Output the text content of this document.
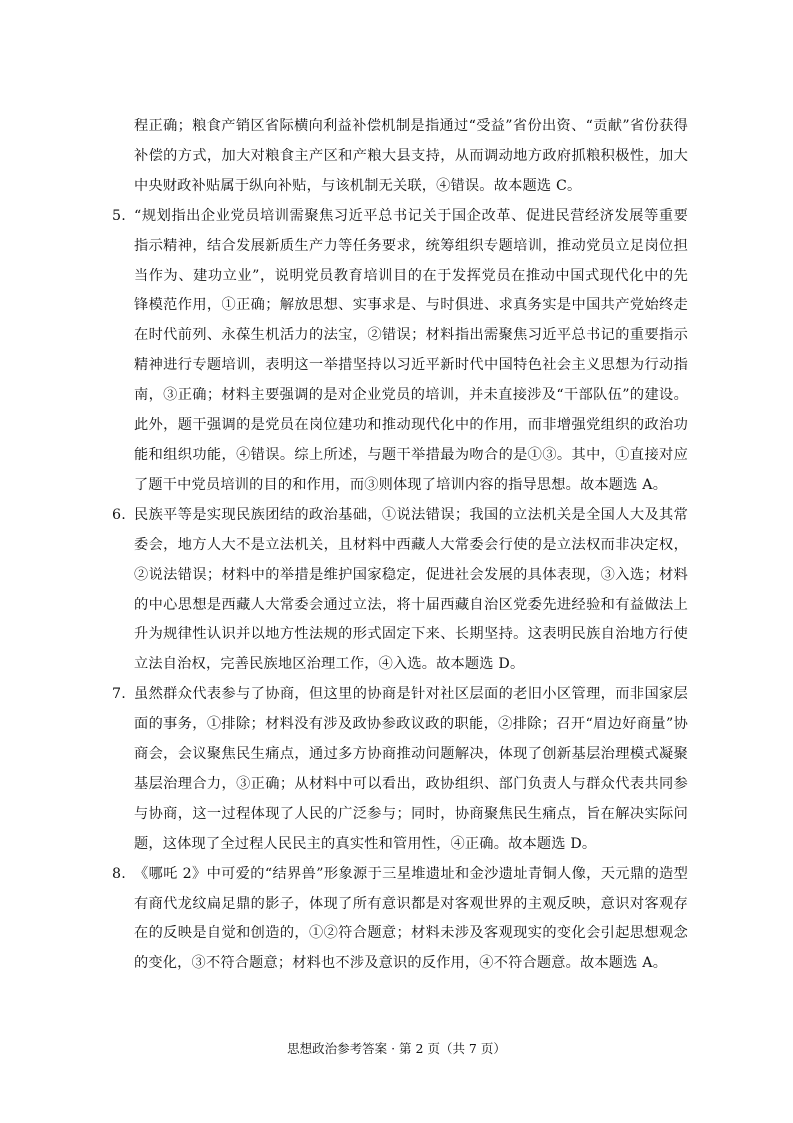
程正确；粮食产销区省际横向利益补偿机制是指通过“受益”省份出资、“贡献”省份获得补偿的方式，加大对粮食主产区和产粮大县支持，从而调动地方政府抓粮积极性，加大中央财政补贴属于纵向补贴，与该机制无关联，④错误。故本题选 C。

5. “规划指出企业党员培训需聚焦习近平总书记关于国企改革、促进民营经济发展等重要指示精神，结合发展新质生产力等任务要求，统筹组织专题培训，推动党员立足岗位担当作为、建功立业”，说明党员教育培训目的在于发挥党员在推动中国式现代化中的先锋模范作用，①正确；解放思想、实事求是、与时俱进、求真务实是中国共产党始终走在时代前列、永葆生机活力的法宝，②错误；材料指出需聚焦习近平总书记的重要指示精神进行专题培训，表明这一举措坚持以习近平新时代中国特色社会主义思想为行动指南，③正确；材料主要强调的是对企业党员的培训，并未直接涉及“干部队伍”的建设。此外，题干强调的是党员在岗位建功和推动现代化中的作用，而非增强党组织的政治功能和组织功能，④错误。综上所述，与题干举措最为吻合的是①③。其中，①直接对应了题干中党员培训的目的和作用，而③则体现了培训内容的指导思想。故本题选 A。

6. 民族平等是实现民族团结的政治基础，①说法错误；我国的立法机关是全国人大及其常委会，地方人大不是立法机关，且材料中西藏人大常委会行使的是立法权而非决定权，②说法错误；材料中的举措是维护国家稳定，促进社会发展的具体表现，③入选；材料的中心思想是西藏人大常委会通过立法，将十届西藏自治区党委先进经验和有益做法上升为规律性认识并以地方性法规的形式固定下来、长期坚持。这表明民族自治地方行使立法自治权，完善民族地区治理工作，④入选。故本题选 D。

7. 虽然群众代表参与了协商，但这里的协商是针对社区层面的老旧小区管理，而非国家层面的事务，①排除；材料没有涉及政协参政议政的职能，②排除；召开“眉边好商量”协商会，会议聚焦民生痛点，通过多方协商推动问题解决，体现了创新基层治理模式凝聚基层治理合力，③正确；从材料中可以看出，政协组织、部门负责人与群众代表共同参与协商，这一过程体现了人民的广泛参与；同时，协商聚焦民生痛点，旨在解决实际问题，这体现了全过程人民民主的真实性和管用性，④正确。故本题选 D。

8. 《哪吒 2》中可爱的“结界兽”形象源于三星堆遗址和金沙遗址青铜人像，天元鼎的造型有商代龙纹扁足鼎的影子，体现了所有意识都是对客观世界的主观反映，意识对客观存在的反映是自觉和创造的，①②符合题意；材料未涉及客观现实的变化会引起思想观念的变化，③不符合题意；材料也不涉及意识的反作用，④不符合题意。故本题选 A。

思想政治参考答案 · 第 2 页（共 7 页）
